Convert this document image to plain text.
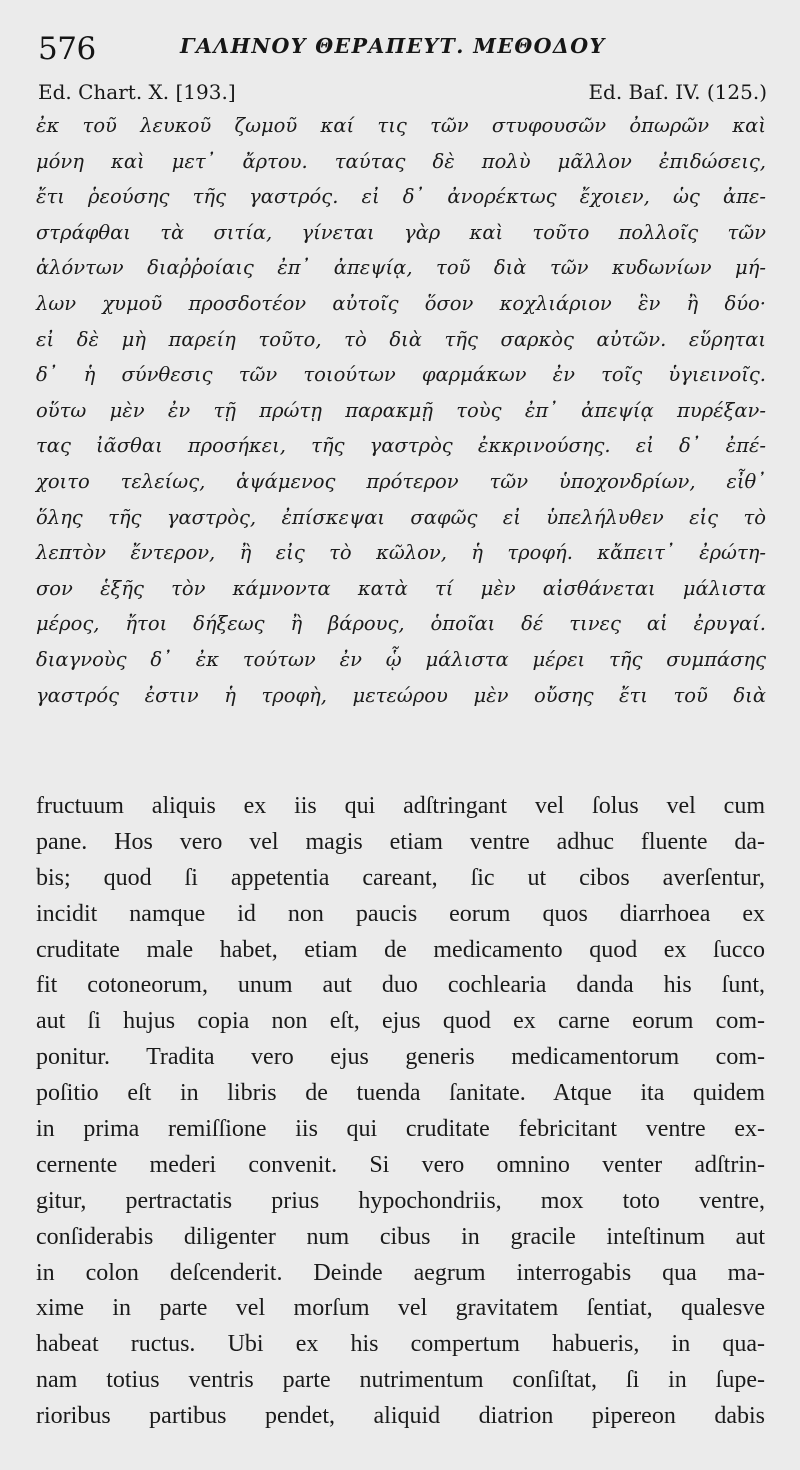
576	ΓΑΛΗΝΟΥ ΘΕΡΑΠΕΥΤ. ΜΕΘΟΔΟΥ
Ed. Chart. X. [193.]	Ed. Baſ. IV. (125.)
ἐκ τοῦ λευκοῦ ζωμοῦ καί τις τῶν στυφουσῶν ὀπωρῶν καὶ
μόνη καὶ μετ᾽ ἄρτου. ταύτας δὲ πολὺ μᾶλλον ἐπιδώσεις,
ἔτι ῥεούσης τῆς γαστρός. εἰ δ᾽ ἀνορέκτως ἔχοιεν, ὡς ἀπε-
στράφθαι τὰ σιτία, γίνεται γὰρ καὶ τοῦτο πολλοῖς τῶν
ἁλόντων διαῤῥοίαις ἐπ᾽ ἀπεψίᾳ, τοῦ διὰ τῶν κυδωνίων μή-
λων χυμοῦ προσδοτέον αὐτοῖς ὅσον κοχλιάριον ἓν ἢ δύο·
εἰ δὲ μὴ παρείη τοῦτο, τὸ διὰ τῆς σαρκὸς αὐτῶν. εὕρηται
δ᾽ ἡ σύνθεσις τῶν τοιούτων φαρμάκων ἐν τοῖς ὑγιεινοῖς.
οὕτω μὲν ἐν τῇ πρώτῃ παρακμῇ τοὺς ἐπ᾽ ἀπεψίᾳ πυρέξαν-
τας ἰᾶσθαι προσήκει, τῆς γαστρὸς ἐκκρινούσης. εἰ δ᾽ ἐπέ-
χοιτο τελείως, ἁψάμενος πρότερον τῶν ὑποχονδρίων, εἶθ᾽
ὅλης τῆς γαστρὸς, ἐπίσκεψαι σαφῶς εἰ ὑπελήλυθεν εἰς τὸ
λεπτὸν ἔντερον, ἢ εἰς τὸ κῶλον, ἡ τροφή. κἄπειτ᾽ ἐρώτη-
σον ἑξῆς τὸν κάμνοντα κατὰ τί μὲν αἰσθάνεται μάλιστα
μέρος, ἤτοι δήξεως ἢ βάρους, ὁποῖαι δέ τινες αἱ ἐρυγαί.
διαγνοὺς δ᾽ ἐκ τούτων ἐν ᾧ μάλιστα μέρει τῆς συμπάσης
γαστρός ἐστιν ἡ τροφὴ, μετεώρου μὲν οὔσης ἔτι τοῦ διὰ
fructuum aliquis ex iis qui adſtringant vel ſolus vel cum
pane. Hos vero vel magis etiam ventre adhuc fluente da-
bis; quod ſi appetentia careant, ſic ut cibos averſentur,
incidit namque id non paucis eorum quos diarrhoea ex
cruditate male habet, etiam de medicamento quod ex ſucco
fit cotoneorum, unum aut duo cochlearia danda his ſunt,
aut ſi hujus copia non eſt, ejus quod ex carne eorum com-
ponitur. Tradita vero ejus generis medicamentorum com-
poſitio eſt in libris de tuenda ſanitate. Atque ita quidem
in prima remiſſione iis qui cruditate febricitant ventre ex-
cernente mederi convenit. Si vero omnino venter adſtrin-
gitur, pertractatis prius hypochondriis, mox toto ventre,
conſiderabis diligenter num cibus in gracile inteſtinum aut
in colon deſcenderit. Deinde aegrum interrogabis qua ma-
xime in parte vel morſum vel gravitatem ſentiat, qualesve
habeat ructus. Ubi ex his compertum habueris, in qua-
nam totius ventris parte nutrimentum conſiſtat, ſi in ſupe-
rioribus partibus pendet, aliquid diatrion pipereon dabis
